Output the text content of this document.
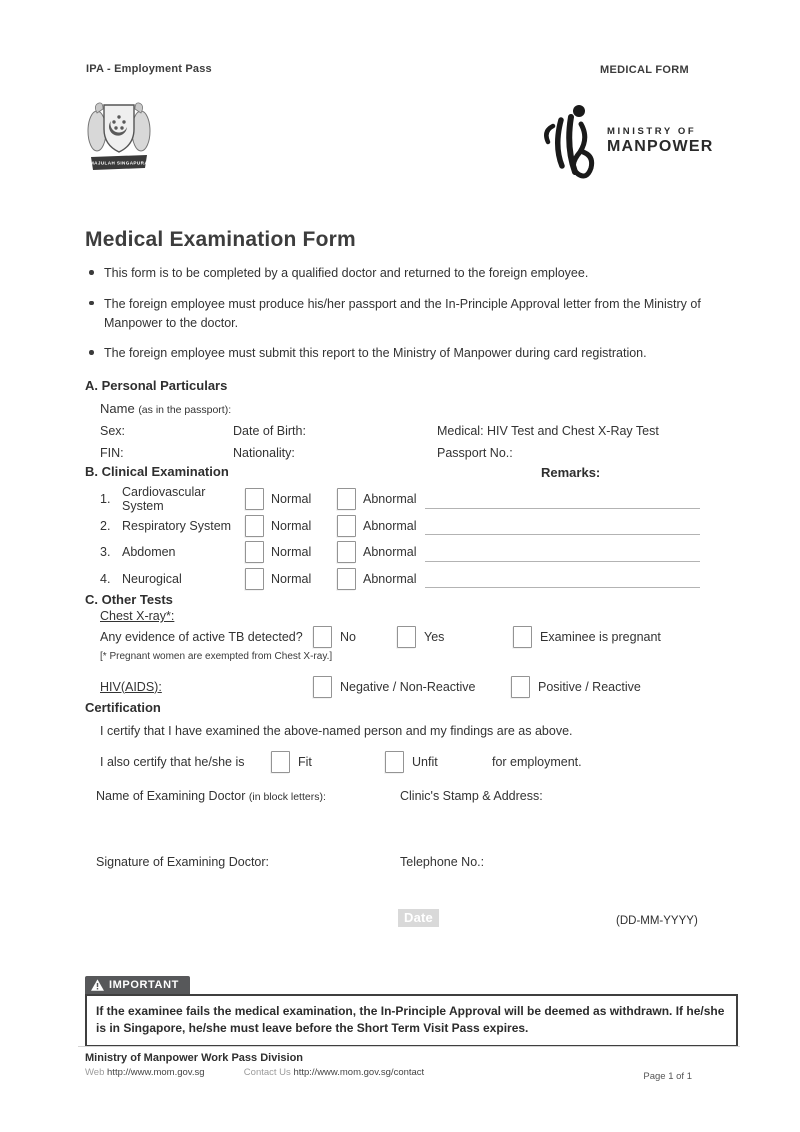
IPA - Employment Pass	MEDICAL FORM
MAJULAH SINGAPURA
MINISTRY OF
MANPOWER
Medical Examination Form
This form is to be completed by a qualified doctor and returned to the foreign employee.
The foreign employee must produce his/her passport and the In-Principle Approval letter from the Ministry of Manpower to the doctor.
The foreign employee must submit this report to the Ministry of Manpower during card registration.
A. Personal Particulars
Name (as in the passport):
Sex:	Date of Birth:	Medical: HIV Test and Chest X-Ray Test
FIN:	Nationality:	Passport No.:
B. Clinical Examination	Remarks:
1. Cardiovascular System	Normal	Abnormal
2. Respiratory System	Normal	Abnormal
3. Abdomen	Normal	Abnormal
4. Neurogical	Normal	Abnormal
C. Other Tests
Chest X-ray*:
Any evidence of active TB detected?	No	Yes	Examinee is pregnant
[* Pregnant women are exempted from Chest X-ray.]
HIV(AIDS):	Negative / Non-Reactive	Positive / Reactive
Certification
I certify that I have examined the above-named person and my findings are as above.
I also certify that he/she is	Fit	Unfit	for employment.
Name of Examining Doctor (in block letters):	Clinic's Stamp & Address:
Signature of Examining Doctor:	Telephone No.:
Date	(DD-MM-YYYY)
IMPORTANT
If the examinee fails the medical examination, the In-Principle Approval will be deemed as withdrawn. If he/she is in Singapore, he/she must leave before the Short Term Visit Pass expires.
Ministry of Manpower Work Pass Division
Web http://www.mom.gov.sg	Contact Us http://www.mom.gov.sg/contact	Page 1 of 1
